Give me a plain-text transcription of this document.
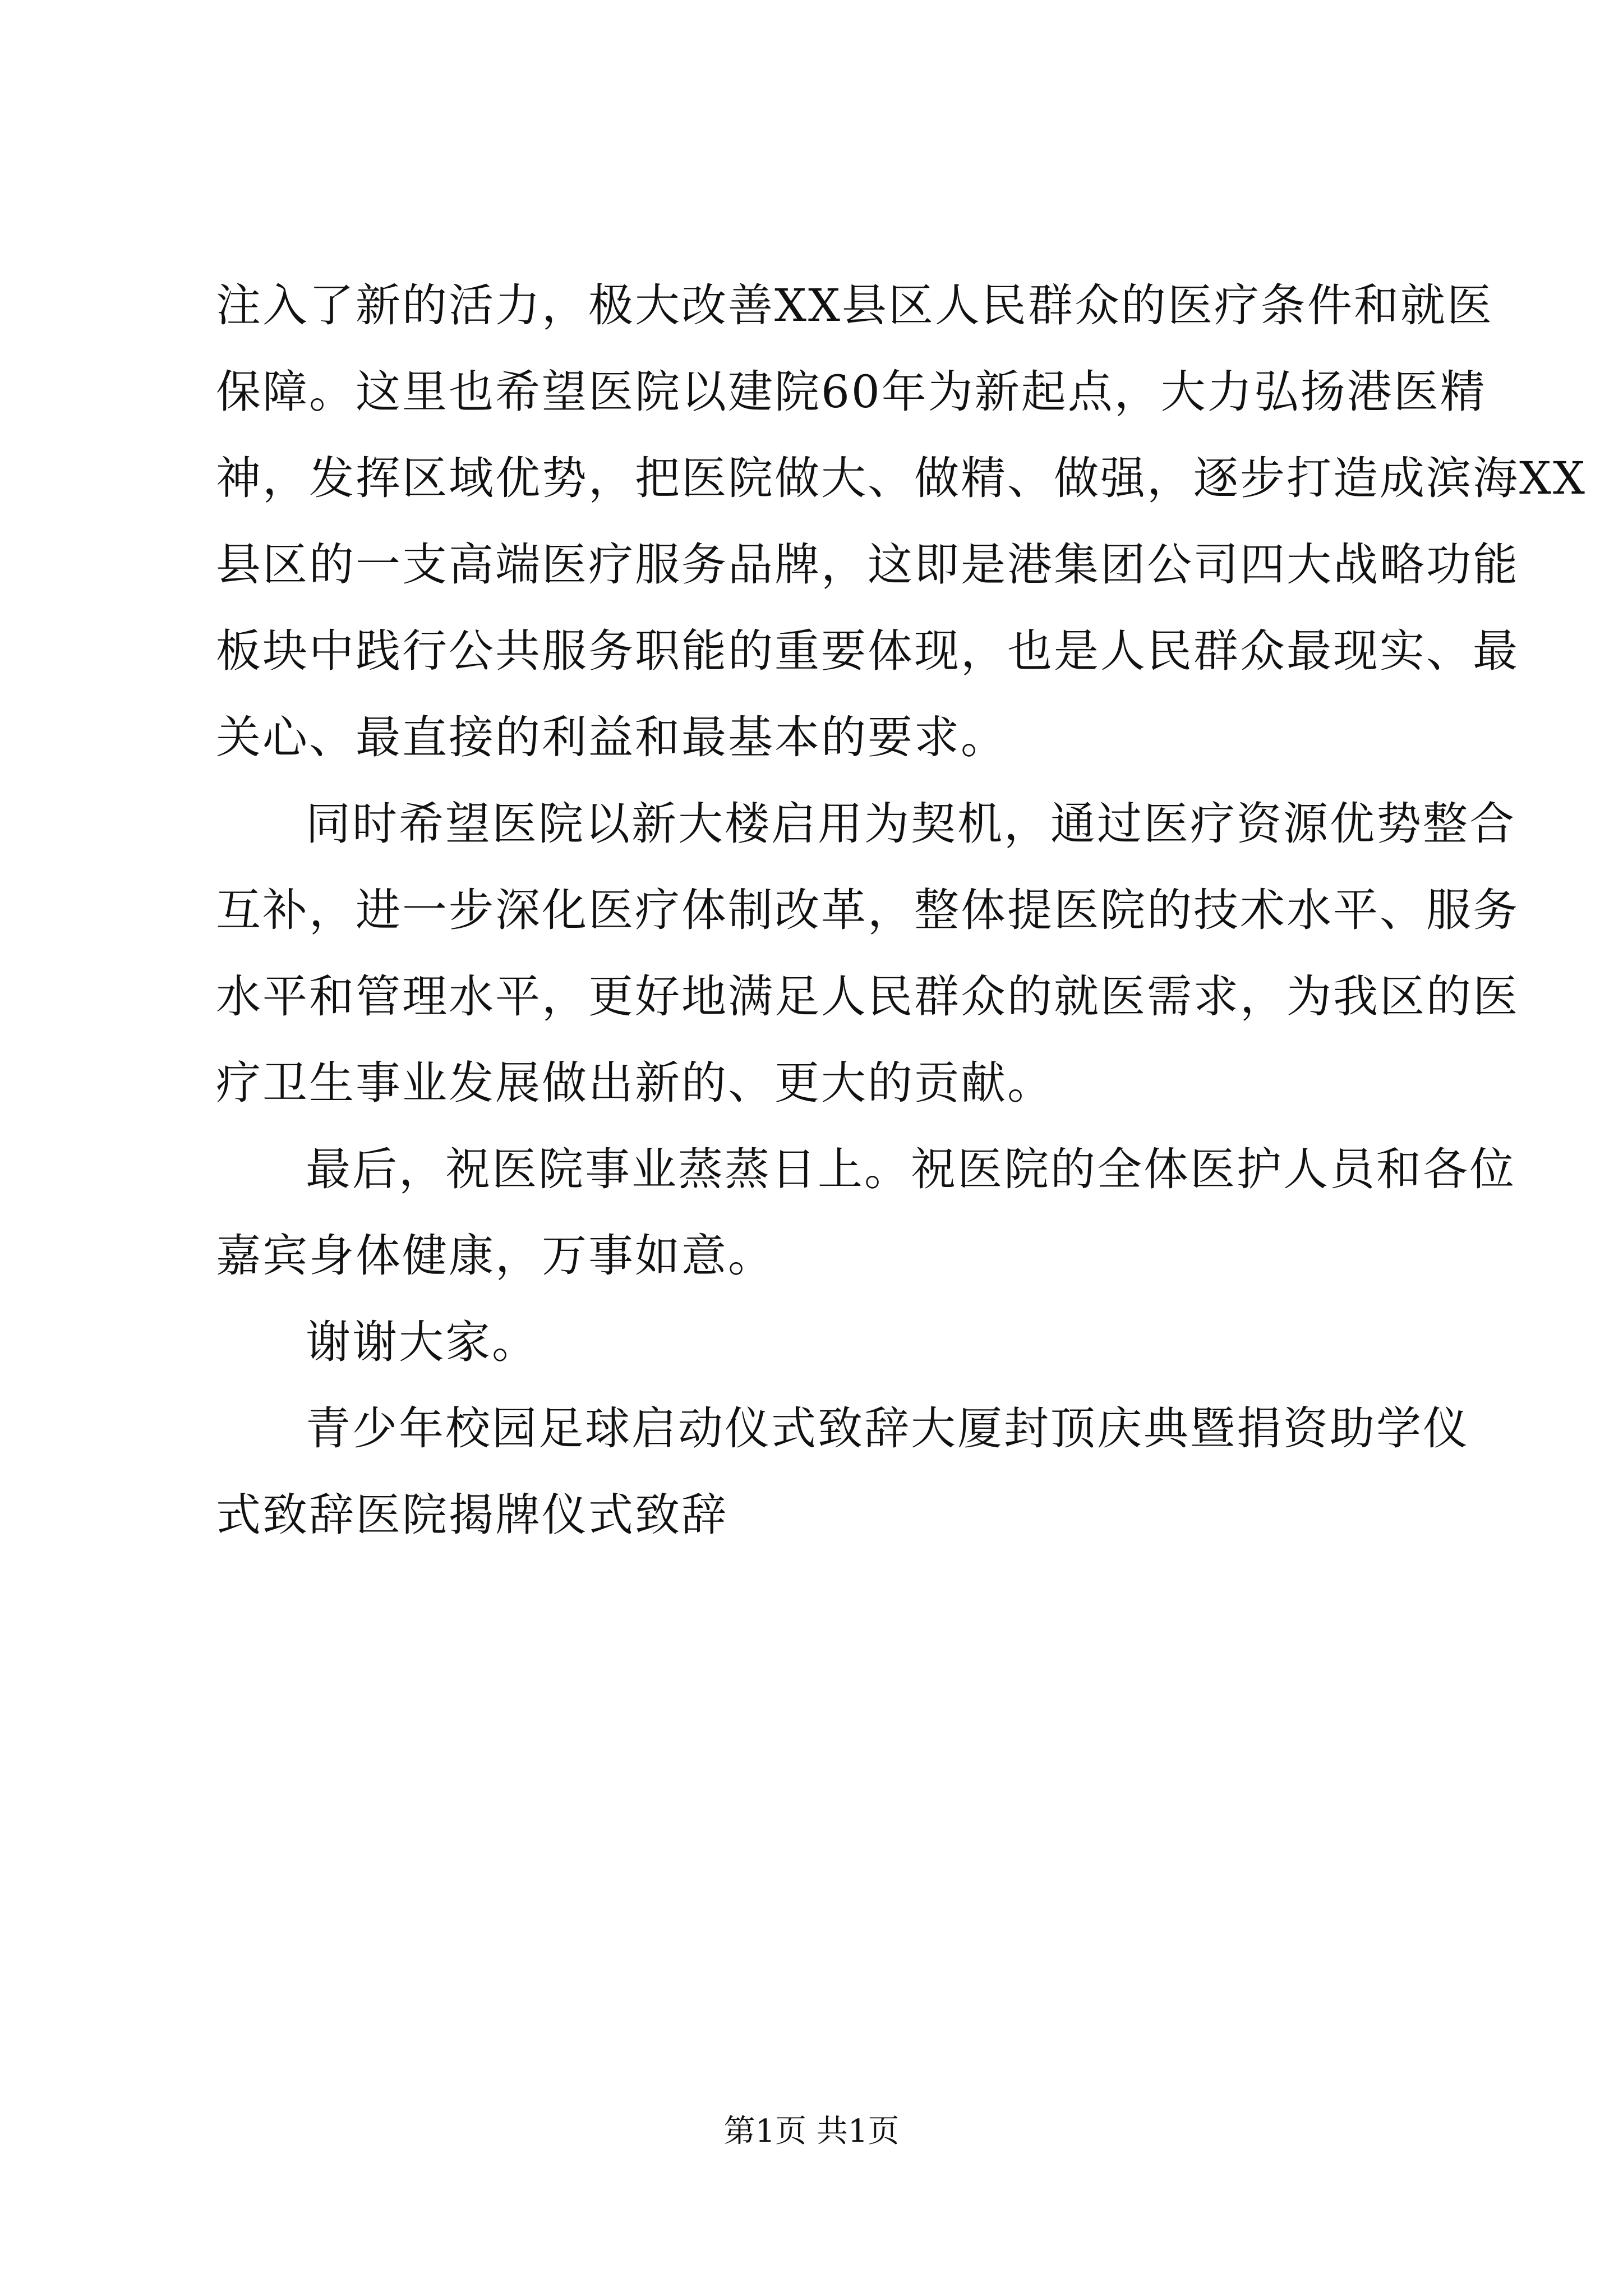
注入了新的活力，极大改善XX县区人民群众的医疗条件和就医
保障。这里也希望医院以建院60年为新起点，大力弘扬港医精
神，发挥区域优势，把医院做大、做精、做强，逐步打造成滨海XX
县区的一支高端医疗服务品牌，这即是港集团公司四大战略功能
板块中践行公共服务职能的重要体现，也是人民群众最现实、最
关心、最直接的利益和最基本的要求。

同时希望医院以新大楼启用为契机，通过医疗资源优势整合
互补，进一步深化医疗体制改革，整体提医院的技术水平、服务
水平和管理水平，更好地满足人民群众的就医需求，为我区的医
疗卫生事业发展做出新的、更大的贡献。

最后，祝医院事业蒸蒸日上。祝医院的全体医护人员和各位
嘉宾身体健康，万事如意。

谢谢大家。

青少年校园足球启动仪式致辞大厦封顶庆典暨捐资助学仪
式致辞医院揭牌仪式致辞

第1页 共1页
